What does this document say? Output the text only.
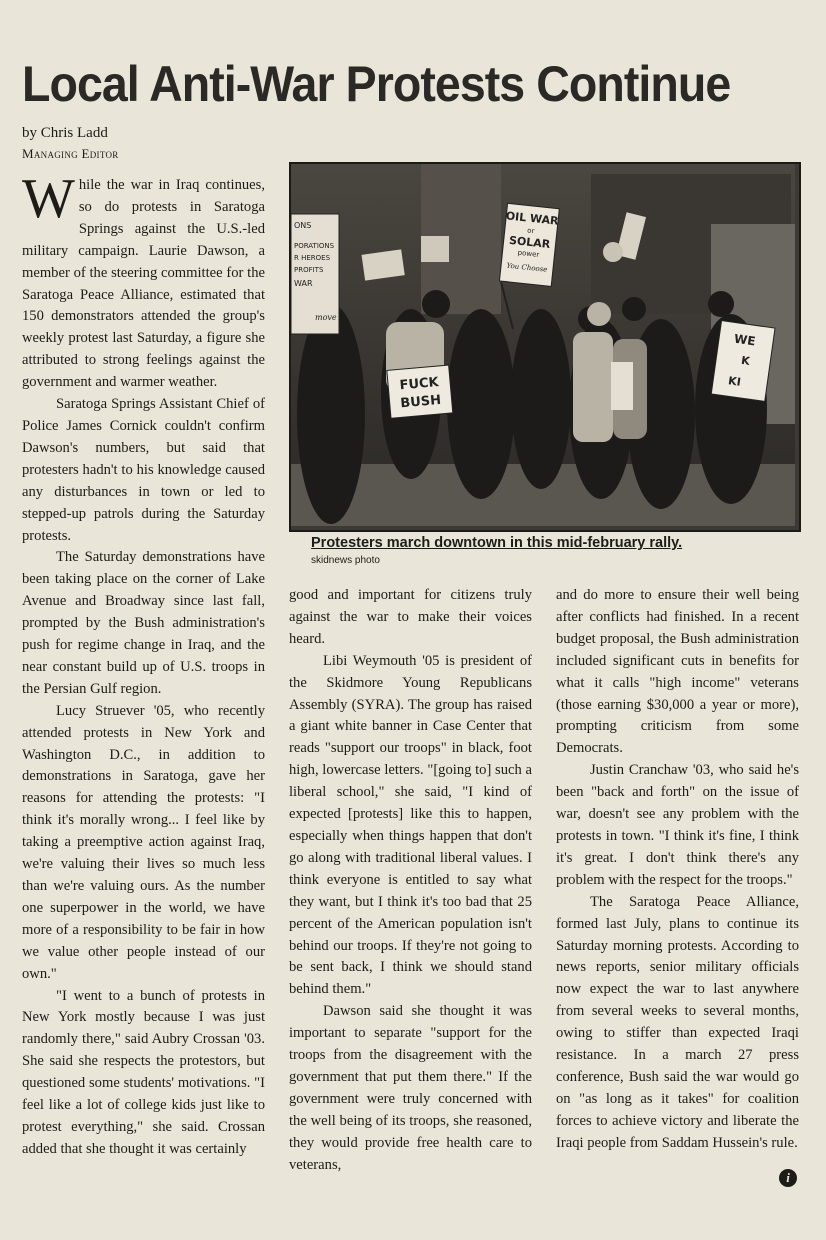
Local Anti-War Protests Continue
by Chris Ladd
Managing Editor

While the war in Iraq continues, so do protests in Saratoga Springs against the U.S.-led military campaign. Laurie Dawson, a member of the steering committee for the Saratoga Peace Alliance, estimated that 150 demonstrators attended the group's weekly protest last Saturday, a figure she attributed to strong feelings against the government and warmer weather.

Saratoga Springs Assistant Chief of Police James Cornick couldn't confirm Dawson's numbers, but said that protesters hadn't to his knowledge caused any disturbances in town or led to stepped-up patrols during the Saturday protests.

The Saturday demonstrations have been taking place on the corner of Lake Avenue and Broadway since last fall, prompted by the Bush administration's push for regime change in Iraq, and the near constant build up of U.S. troops in the Persian Gulf region.

Lucy Struever '05, who recently attended protests in New York and Washington D.C., in addition to demonstrations in Saratoga, gave her reasons for attending the protests: "I think it's morally wrong... I feel like by taking a preemptive action against Iraq, we're valuing their lives so much less than we're valuing ours. As the number one superpower in the world, we have more of a responsibility to be fair in how we value other people instead of our own."

"I went to a bunch of protests in New York mostly because I was just randomly there," said Aubry Crossan '03. She said she respects the protestors, but questioned some students' motivations. "I feel like a lot of college kids just like to protest everything," she said. Crossan added that she thought it was certainly

OIL WAR
or
SOLAR
power
You Choose
ONS
PORATIONS
R HEROES
PROFITS
WAR
move
FUCK
BUSH
WE
K
KI
Protesters march downtown in this mid-february rally.
skidnews photo

good and important for citizens truly against the war to make their voices heard.

Libi Weymouth '05 is president of the Skidmore Young Republicans Assembly (SYRA). The group has raised a giant white banner in Case Center that reads "support our troops" in black, foot high, lowercase letters. "[going to] such a liberal school," she said, "I kind of expected [protests] like this to happen, especially when things happen that don't go along with traditional liberal values. I think everyone is entitled to say what they want, but I think it's too bad that 25 percent of the American population isn't behind our troops. If they're not going to be sent back, I think we should stand behind them."

Dawson said she thought it was important to separate "support for the troops from the disagreement with the government that put them there." If the government were truly concerned with the well being of its troops, she reasoned, they would provide free health care to veterans,

and do more to ensure their well being after conflicts had finished. In a recent budget proposal, the Bush administration included significant cuts in benefits for what it calls "high income" veterans (those earning $30,000 a year or more), prompting criticism from some Democrats.

Justin Cranchaw '03, who said he's been "back and forth" on the issue of war, doesn't see any problem with the protests in town. "I think it's fine, I think it's great. I don't think there's any problem with the respect for the troops."

The Saratoga Peace Alliance, formed last July, plans to continue its Saturday morning protests. According to news reports, senior military officials now expect the war to last anywhere from several weeks to several months, owing to stiffer than expected Iraqi resistance. In a march 27 press conference, Bush said the war would go on "as long as it takes" for coalition forces to achieve victory and liberate the Iraqi people from Saddam Hussein's rule.

i
